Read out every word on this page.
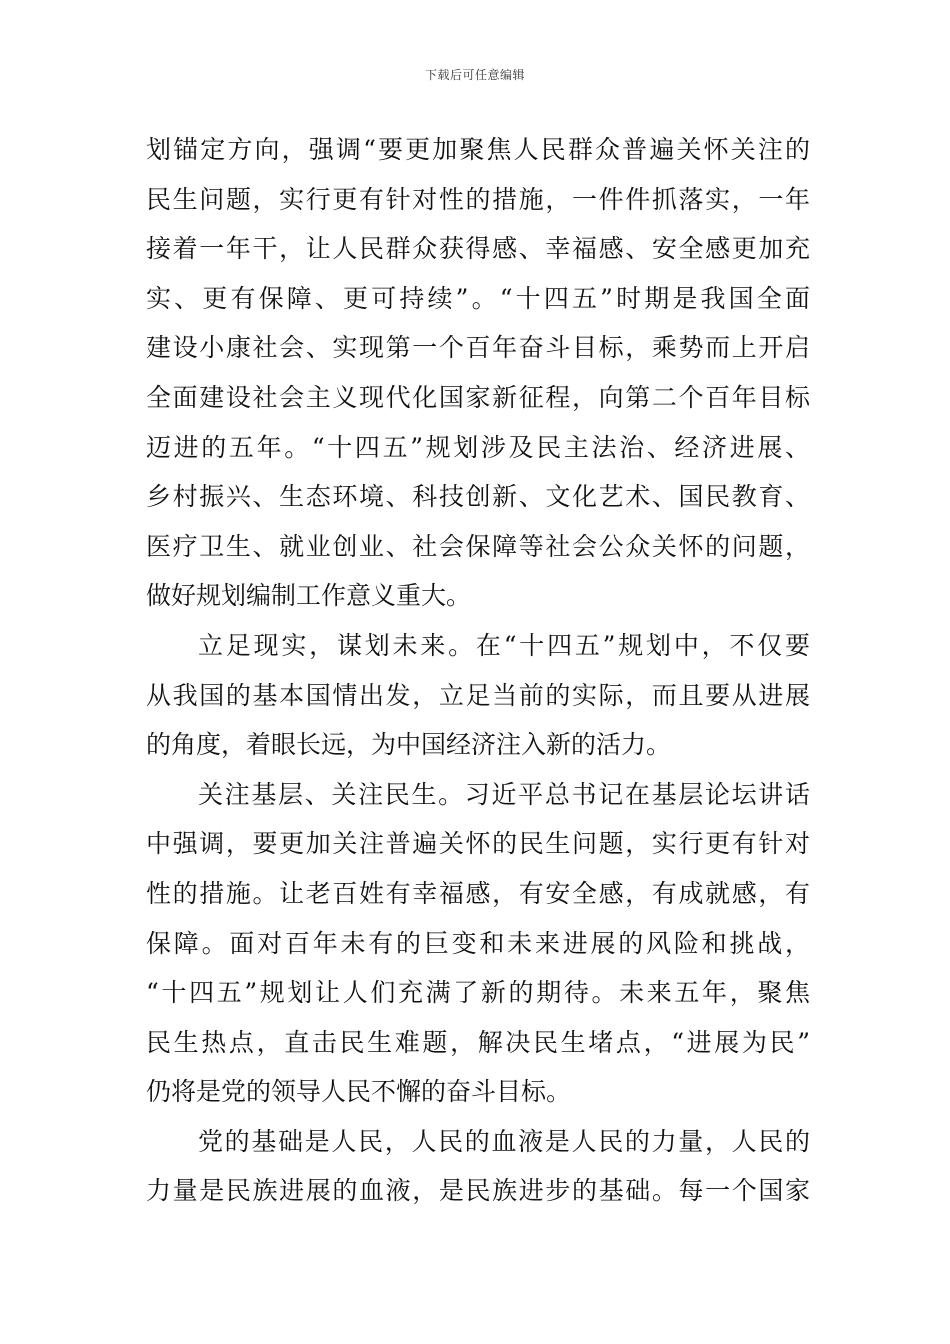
下载后可任意编辑
划锚定方向，强调“要更加聚焦人民群众普遍关怀关注的
民生问题，实行更有针对性的措施，一件件抓落实，一年
接着一年干，让人民群众获得感、幸福感、安全感更加充
实、更有保障、更可持续”。“十四五”时期是我国全面
建设小康社会、实现第一个百年奋斗目标，乘势而上开启
全面建设社会主义现代化国家新征程，向第二个百年目标
迈进的五年。“十四五”规划涉及民主法治、经济进展、
乡村振兴、生态环境、科技创新、文化艺术、国民教育、
医疗卫生、就业创业、社会保障等社会公众关怀的问题，
做好规划编制工作意义重大。
立足现实，谋划未来。在“十四五”规划中，不仅要
从我国的基本国情出发，立足当前的实际，而且要从进展
的角度，着眼长远，为中国经济注入新的活力。
关注基层、关注民生。习近平总书记在基层论坛讲话
中强调，要更加关注普遍关怀的民生问题，实行更有针对
性的措施。让老百姓有幸福感，有安全感，有成就感，有
保障。面对百年未有的巨变和未来进展的风险和挑战，
“十四五”规划让人们充满了新的期待。未来五年，聚焦
民生热点，直击民生难题，解决民生堵点，“进展为民”
仍将是党的领导人民不懈的奋斗目标。
党的基础是人民，人民的血液是人民的力量，人民的
力量是民族进展的血液，是民族进步的基础。每一个国家
